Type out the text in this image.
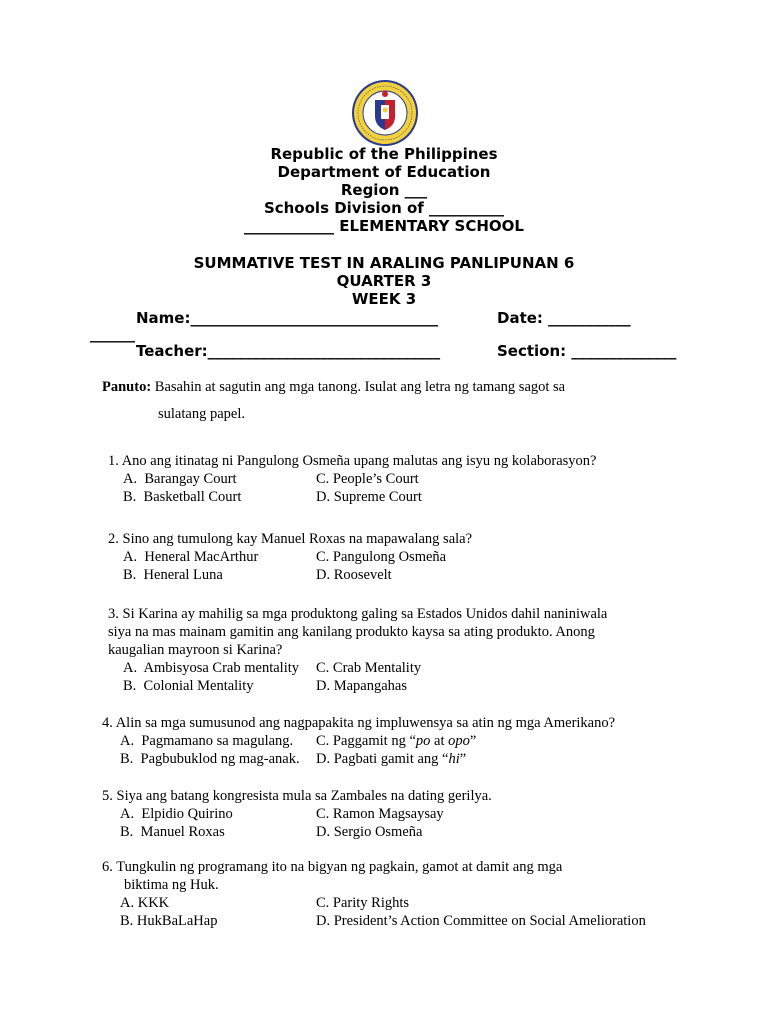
Republic of the Philippines
Department of Education
Region ___
Schools Division of __________
____________ ELEMENTARY SCHOOL
SUMMATIVE TEST IN ARALING PANLIPUNAN 6
QUARTER 3
WEEK 3
Name:_________________________________	Date: ___________
______
Teacher:_______________________________	Section: ______________
Panuto: Basahin at sagutin ang mga tanong. Isulat ang letra ng tamang sagot sa
sulatang papel.
1. Ano ang itinatag ni Pangulong Osmeña upang malutas ang isyu ng kolaborasyon?
A.  Barangay Court	C. People’s Court
B.  Basketball Court	D. Supreme Court
2. Sino ang tumulong kay Manuel Roxas na mapawalang sala?
A.  Heneral MacArthur	C. Pangulong Osmeña
B.  Heneral Luna	D. Roosevelt
3. Si Karina ay mahilig sa mga produktong galing sa Estados Unidos dahil naniniwala
siya na mas mainam gamitin ang kanilang produkto kaysa sa ating produkto. Anong
kaugalian mayroon si Karina?
A.  Ambisyosa Crab mentality C. Crab Mentality
B.  Colonial Mentality	D. Mapangahas
4. Alin sa mga sumusunod ang nagpapakita ng impluwensya sa atin ng mga Amerikano?
A.  Pagmamano sa magulang. C. Paggamit ng “po at opo”
B.  Pagbubuklod ng mag-anak. D. Pagbati gamit ang “hi”
5. Siya ang batang kongresista mula sa Zambales na dating gerilya.
A.  Elpidio Quirino	C. Ramon Magsaysay
B.  Manuel Roxas	D. Sergio Osmeña
6. Tungkulin ng programang ito na bigyan ng pagkain, gamot at damit ang mga
biktima ng Huk.
A. KKK	C. Parity Rights
B. HukBaLaHap	D. President’s Action Committee on Social Amelioration
